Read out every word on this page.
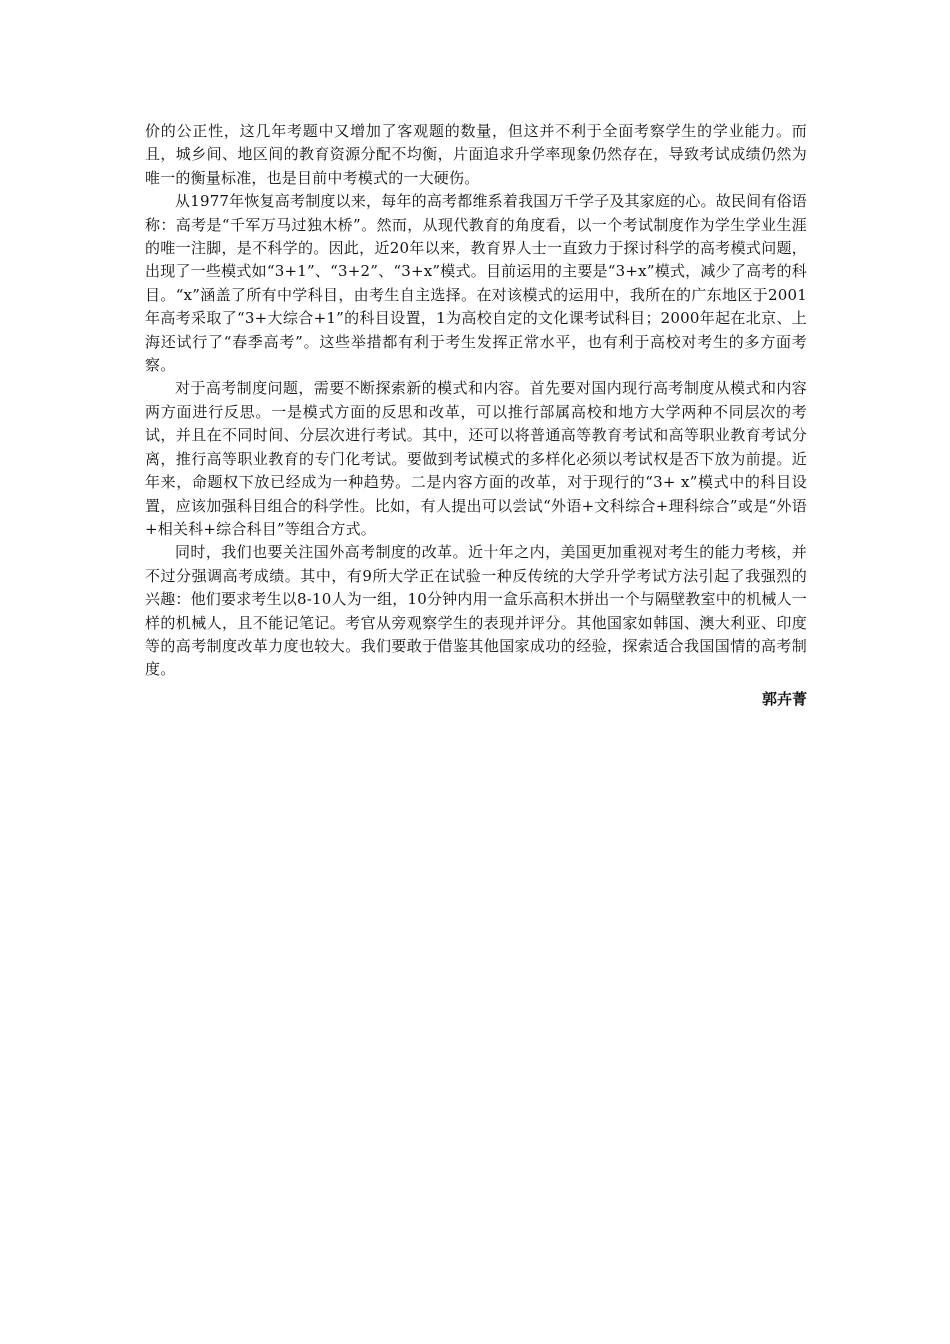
价的公正性，这几年考题中又增加了客观题的数量，但这并不利于全面考察学生的学业能力。而且，城乡间、地区间的教育资源分配不均衡，片面追求升学率现象仍然存在，导致考试成绩仍然为唯一的衡量标准，也是目前中考模式的一大硬伤。

从1977年恢复高考制度以来，每年的高考都维系着我国万千学子及其家庭的心。故民间有俗语称：高考是“千军万马过独木桥”。然而，从现代教育的角度看，以一个考试制度作为学生学业生涯的唯一注脚，是不科学的。因此，近20年以来，教育界人士一直致力于探讨科学的高考模式问题，出现了一些模式如“3+1”、“3+2”、“3+x”模式。目前运用的主要是“3+x”模式，减少了高考的科目。“x”涵盖了所有中学科目，由考生自主选择。在对该模式的运用中，我所在的广东地区于2001年高考采取了“3+大综合+1”的科目设置，1为高校自定的文化课考试科目；2000年起在北京、上海还试行了“春季高考”。这些举措都有利于考生发挥正常水平，也有利于高校对考生的多方面考察。

对于高考制度问题，需要不断探索新的模式和内容。首先要对国内现行高考制度从模式和内容两方面进行反思。一是模式方面的反思和改革，可以推行部属高校和地方大学两种不同层次的考试，并且在不同时间、分层次进行考试。其中，还可以将普通高等教育考试和高等职业教育考试分离，推行高等职业教育的专门化考试。要做到考试模式的多样化必须以考试权是否下放为前提。近年来，命题权下放已经成为一种趋势。二是内容方面的改革，对于现行的“3+ x”模式中的科目设置，应该加强科目组合的科学性。比如，有人提出可以尝试“外语+文科综合+理科综合”或是“外语+相关科+综合科目”等组合方式。

同时，我们也要关注国外高考制度的改革。近十年之内，美国更加重视对考生的能力考核，并不过分强调高考成绩。其中，有9所大学正在试验一种反传统的大学升学考试方法引起了我强烈的兴趣：他们要求考生以8-10人为一组，10分钟内用一盒乐高积木拼出一个与隔壁教室中的机械人一样的机械人，且不能记笔记。考官从旁观察学生的表现并评分。其他国家如韩国、澳大利亚、印度等的高考制度改革力度也较大。我们要敢于借鉴其他国家成功的经验，探索适合我国国情的高考制度。

郭卉菁
